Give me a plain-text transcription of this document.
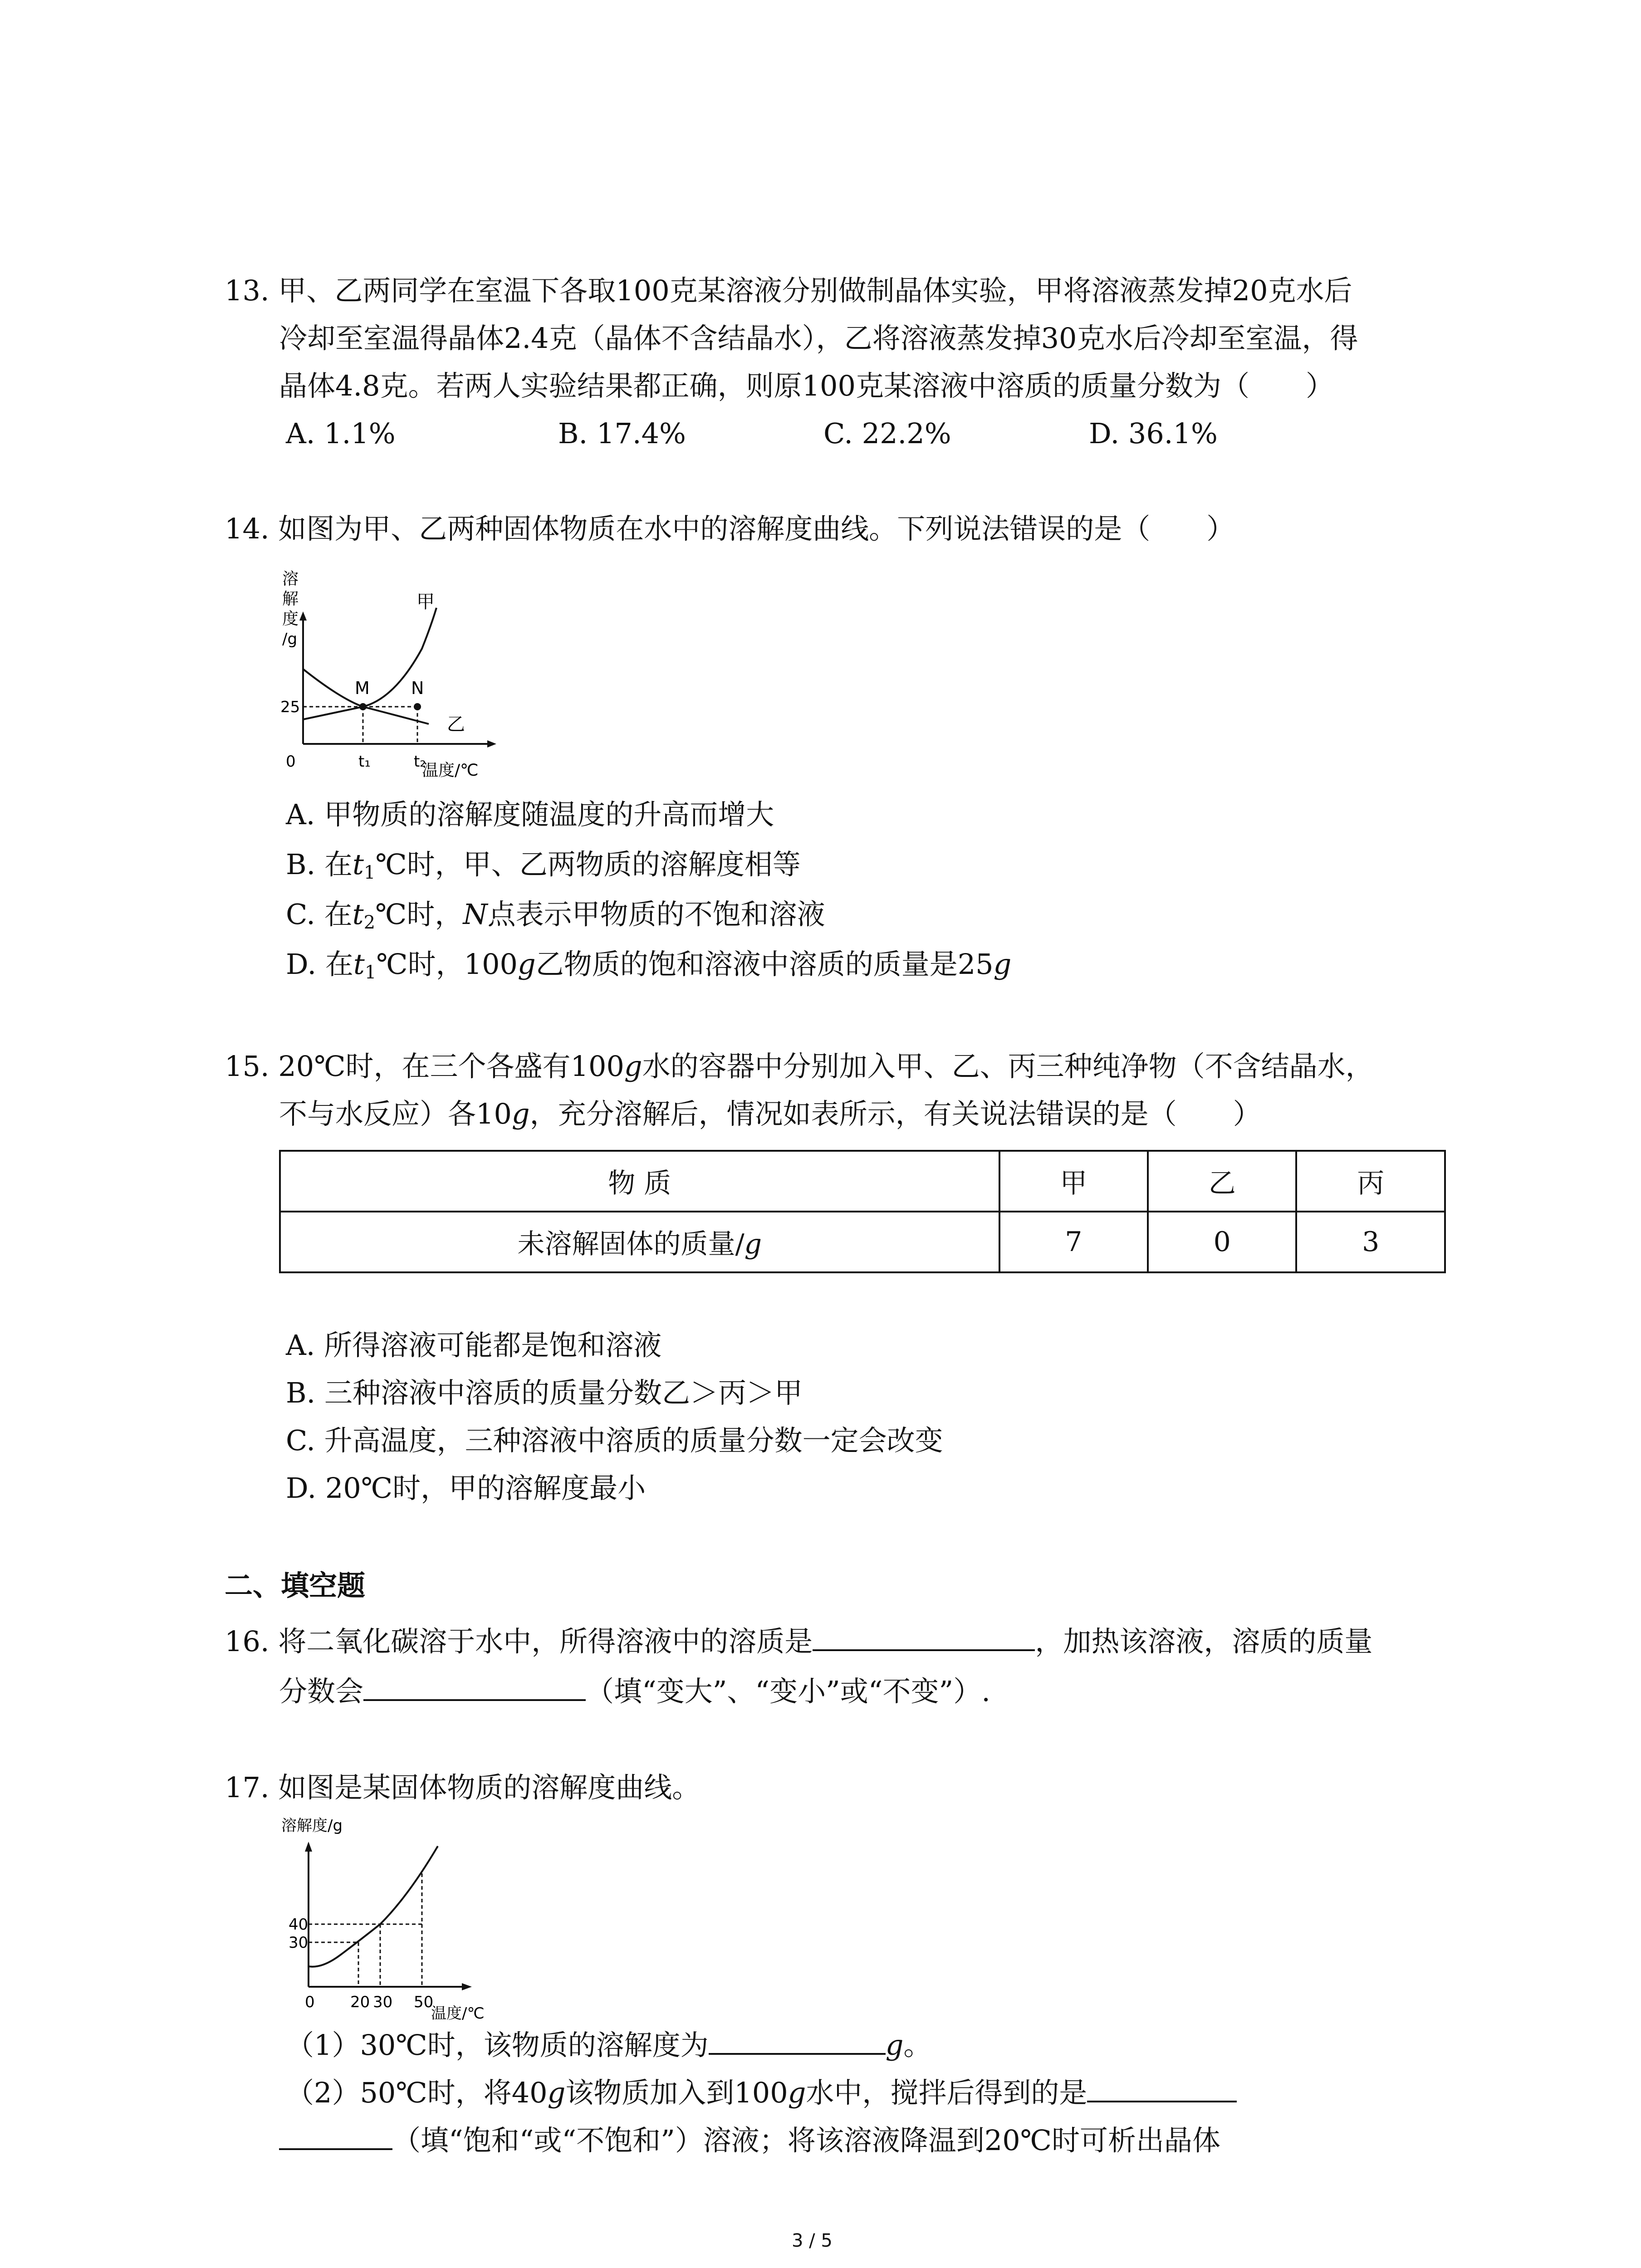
13. 甲、乙两同学在室温下各取100克某溶液分别做制晶体实验，甲将溶液蒸发掉20克水后
冷却至室温得晶体2.4克（晶体不含结晶水），乙将溶液蒸发掉30克水后冷却至室温，得
晶体4.8克。若两人实验结果都正确，则原100克某溶液中溶质的质量分数为（　　）
A. 1.1%	B. 17.4%	C. 22.2%	D. 36.1%
14. 如图为甲、乙两种固体物质在水中的溶解度曲线。下列说法错误的是（　　）
溶
解
度
/g
25
0	t₁	t₂
温度/℃
甲
乙
M N
A. 甲物质的溶解度随温度的升高而增大
B. 在$t_1℃$时，甲、乙两物质的溶解度相等
C. 在$t_2℃$时，N点表示甲物质的不饱和溶液
D. 在$t_1℃$时，100g乙物质的饱和溶液中溶质的质量是25g
15. 20℃时，在三个各盛有100g水的容器中分别加入甲、乙、丙三种纯净物（不含结晶水，
不与水反应）各10g，充分溶解后，情况如表所示，有关说法错误的是（　　）
物 质	甲	乙	丙
未溶解固体的质量/g	7	0	3
A. 所得溶液可能都是饱和溶液
B. 三种溶液中溶质的质量分数乙＞丙＞甲
C. 升高温度，三种溶液中溶质的质量分数一定会改变
D. 20℃时，甲的溶解度最小
二、填空题
16. 将二氧化碳溶于水中，所得溶液中的溶质是	，加热该溶液，溶质的质量
分数会	（填“变大”、“变小”或“不变”）.
17. 如图是某固体物质的溶解度曲线。
溶解度/g
40
30
0 20 30 50
温度/℃
（1）30℃时，该物质的溶解度为	g。
（2）50℃时，将40g该物质加入到100g水中，搅拌后得到的是
（填“饱和“或“不饱和”）溶液；将该溶液降温到20℃时可析出晶体
3 / 5
